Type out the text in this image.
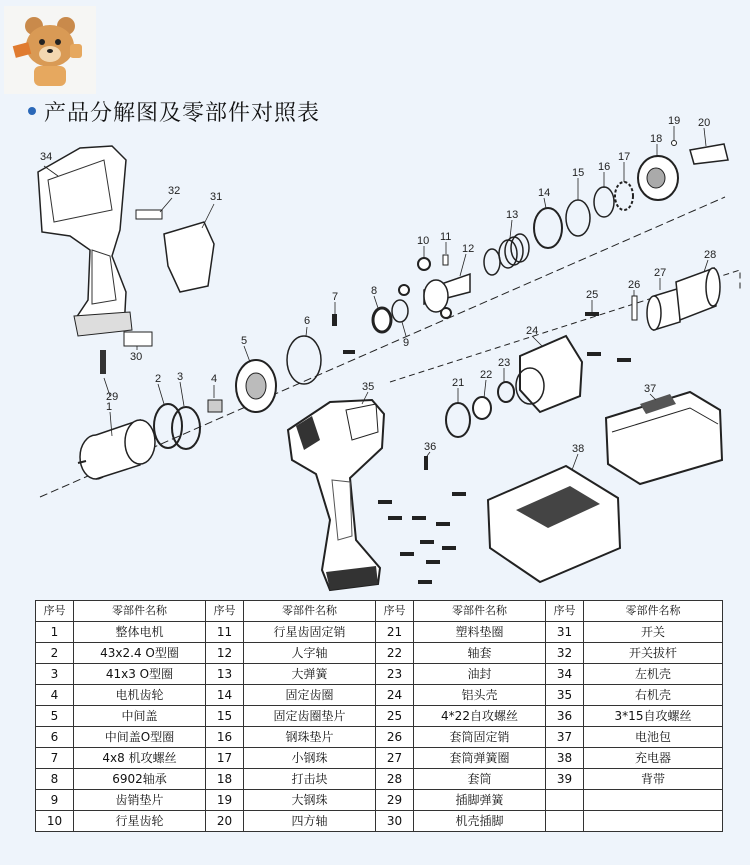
产品分解图及零部件对照表
34
32	31
30
29
1
2 3	4
5
6
7	8
9
10 11
12
13
14
15 16
17
18
19 20
21
22
23
24
25
26
27
28
35
36
37
38
序号	零部件名称	序号	零部件名称	序号	零部件名称	序号	零部件名称
1	整体电机	11	行星齿固定销	21	塑料垫圈	31	开关
2	43x2.4 O型圈	12	人字轴	22	轴套	32	开关拔杆
3	41x3 O型圈	13	大弹簧	23	油封	34	左机壳
4	电机齿轮	14	固定齿圈	24	铝头壳	35	右机壳
5	中间盖	15	固定齿圈垫片	25	4*22自攻螺丝	36	3*15自攻螺丝
6	中间盖O型圈	16	钢珠垫片	26	套筒固定销	37	电池包
7	4x8 机攻螺丝	17	小钢珠	27	套筒弹簧圈	38	充电器
8	6902轴承	18	打击块	28	套筒	39	背带
9	齿销垫片	19	大钢珠	29	插脚弹簧		
10	行星齿轮	20	四方轴	30	机壳插脚		
